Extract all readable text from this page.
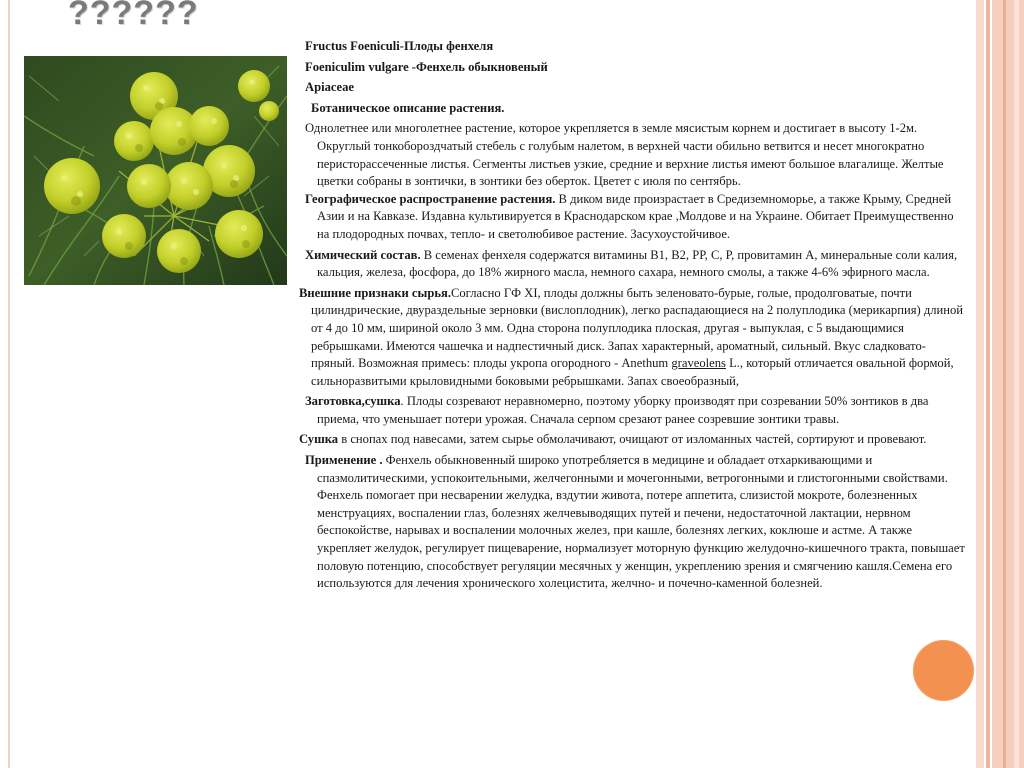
??????

Fructus Foeniculi-Плоды фенхеля

Foeniculim vulgare -Фенхель обыкновеный

Apiaceae

Ботаническое описание растения.

Однолетнее или многолетнее растение, которое укрепляется в земле мясистым корнем и достигает в высоту 1-2м. Округлый тонкобороздчатый стебель с голубым налетом, в верхней части обильно ветвится и несет многократно перисторассеченные листья. Сегменты листьев узкие, средние и верхние листья имеют большое влагалище. Желтые цветки собраны в зонтички, в зонтики без оберток. Цветет с июля по сентябрь.

Географическое распространение растения. В диком виде произрастает в Средиземноморье, а также Крыму, Средней Азии и на Кавказе. Издавна культивируется в Краснодарском крае ,Молдове и на Украине. Обитает Преимущественно на плодородных почвах, тепло- и светолюбивое растение. Засухоустойчивое.

Химический состав. В семенах фенхеля содержатся витамины В1, В2, РР, С, Р, провитамин А, минеральные соли калия, кальция, железа, фосфора, до 18% жирного масла, немного сахара, немного смолы, а также 4-6% эфирного масла.

Внешние признаки сырья.Согласно ГФ XI, плоды должны быть зеленовато-бурые, голые, продолговатые, почти цилиндрические, двураздельные зерновки (вислоплодник), легко распадающиеся на 2 полуплодика (мерикарпия) длиной от 4 до 10 мм, шириной около 3 мм. Одна сторона полуплодика плоская, другая - выпуклая, с 5 выдающимися ребрышками. Имеются чашечка и надпестичный диск. Запах характерный, ароматный, сильный. Вкус сладковато-пряный. Возможная примесь: плоды укропа огородного - Anethum graveolens L., который отличается овальной формой, сильноразвитыми крыловидными боковыми ребрышками. Запах своеобразный,

Заготовка,сушка. Плоды созревают неравномерно, поэтому уборку производят при созревании 50% зонтиков в два приема, что уменьшает потери урожая. Сначала серпом срезают ранее созревшие зонтики травы.

Сушка в снопах под навесами, затем сырье обмолачивают, очищают от изломанных частей, сортируют и провевают.

Применение . Фенхель обыкновенный широко употребляется в медицине и обладает отхаркивающими и спазмолитическими, успокоительными, желчегонными и мочегонными, ветрогонными и глистогонными свойствами. Фенхель помогает при несварении желудка, вздутии живота, потере аппетита, слизистой мокроте, болезненных менструациях, воспалении глаз, болезнях желчевыводящих путей и печени, недостаточной лактации, нервном беспокойстве, нарывах и воспалении молочных желез, при кашле, болезнях легких, коклюше и астме. А также укрепляет желудок, регулирует пищеварение, нормализует моторную функцию желудочно-кишечного тракта, повышает половую потенцию, способствует регуляции месячных у женщин, укреплению зрения и смягчению кашля.Семена его используются для лечения хронического холецистита, желчно- и почечно-каменной болезней.
